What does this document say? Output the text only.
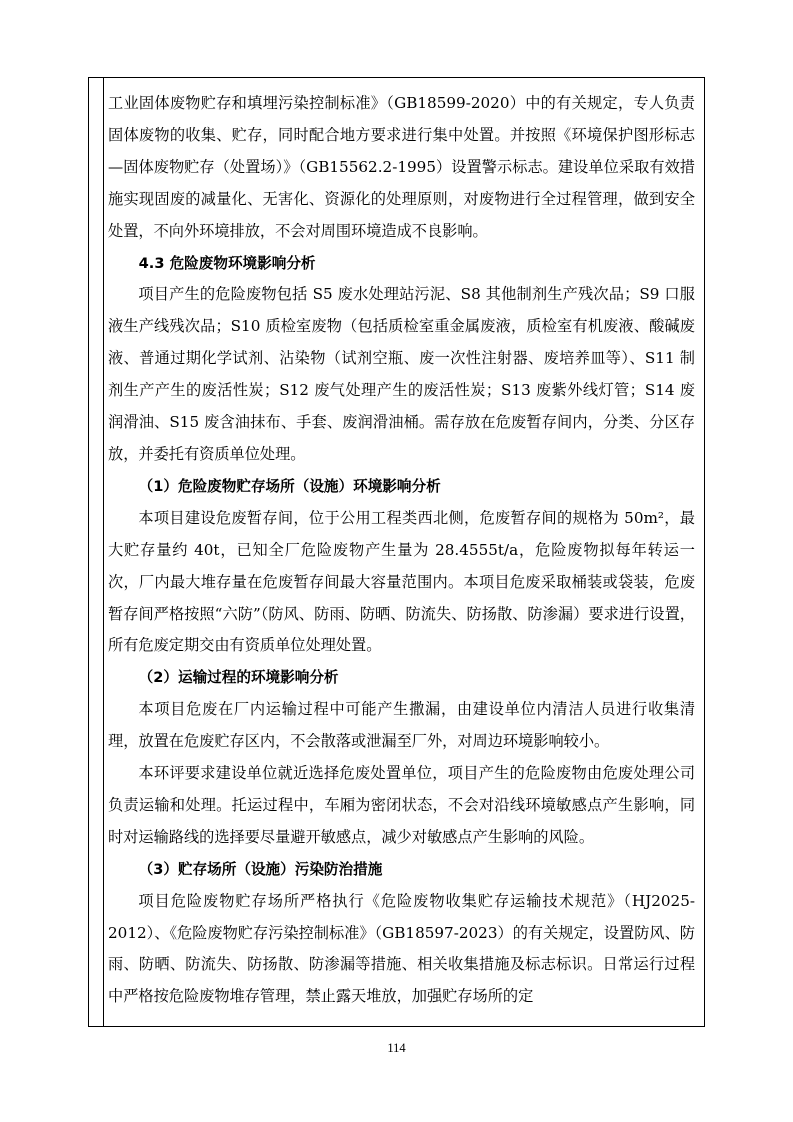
工业固体废物贮存和填埋污染控制标准》（GB18599-2020）中的有关规定，专人负责固体废物的收集、贮存，同时配合地方要求进行集中处置。并按照《环境保护图形标志—固体废物贮存（处置场）》（GB15562.2-1995）设置警示标志。建设单位采取有效措施实现固废的减量化、无害化、资源化的处理原则，对废物进行全过程管理，做到安全处置，不向外环境排放，不会对周围环境造成不良影响。

4.3 危险废物环境影响分析

项目产生的危险废物包括 S5 废水处理站污泥、S8 其他制剂生产残次品；S9 口服液生产线残次品；S10 质检室废物（包括质检室重金属废液，质检室有机废液、酸碱废液、普通过期化学试剂、沾染物（试剂空瓶、废一次性注射器、废培养皿等）、S11 制剂生产产生的废活性炭；S12 废气处理产生的废活性炭；S13 废紫外线灯管；S14 废润滑油、S15 废含油抹布、手套、废润滑油桶。需存放在危废暂存间内，分类、分区存放，并委托有资质单位处理。

（1）危险废物贮存场所（设施）环境影响分析

本项目建设危废暂存间，位于公用工程类西北侧，危废暂存间的规格为 50m²，最大贮存量约 40t，已知全厂危险废物产生量为 28.4555t/a，危险废物拟每年转运一次，厂内最大堆存量在危废暂存间最大容量范围内。本项目危废采取桶装或袋装，危废暂存间严格按照“六防”（防风、防雨、防晒、防流失、防扬散、防渗漏）要求进行设置，所有危废定期交由有资质单位处理处置。

（2）运输过程的环境影响分析

本项目危废在厂内运输过程中可能产生撒漏，由建设单位内清洁人员进行收集清理，放置在危废贮存区内，不会散落或泄漏至厂外，对周边环境影响较小。

本环评要求建设单位就近选择危废处置单位，项目产生的危险废物由危废处理公司负责运输和处理。托运过程中，车厢为密闭状态，不会对沿线环境敏感点产生影响，同时对运输路线的选择要尽量避开敏感点，减少对敏感点产生影响的风险。

（3）贮存场所（设施）污染防治措施

项目危险废物贮存场所严格执行《危险废物收集贮存运输技术规范》（HJ2025-2012）、《危险废物贮存污染控制标准》（GB18597-2023）的有关规定，设置防风、防雨、防晒、防流失、防扬散、防渗漏等措施、相关收集措施及标志标识。日常运行过程中严格按危险废物堆存管理，禁止露天堆放，加强贮存场所的定

114
